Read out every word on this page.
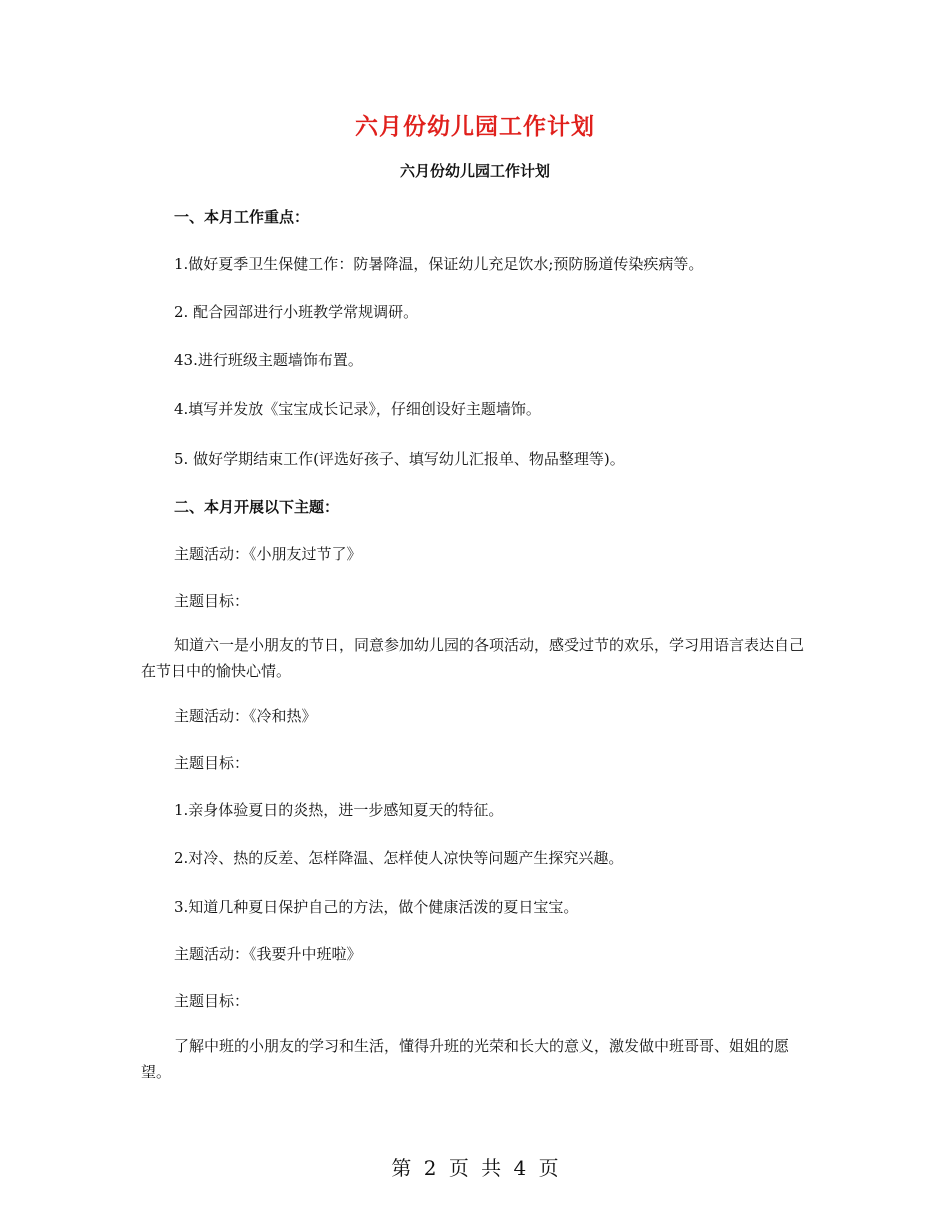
六月份幼儿园工作计划
六月份幼儿园工作计划
一、本月工作重点：
1.做好夏季卫生保健工作：防暑降温，保证幼儿充足饮水;预防肠道传染疾病等。
2. 配合园部进行小班教学常规调研。
43.进行班级主题墙饰布置。
4.填写并发放《宝宝成长记录》，仔细创设好主题墙饰。
5. 做好学期结束工作(评选好孩子、填写幼儿汇报单、物品整理等)。
二、本月开展以下主题：
主题活动：《小朋友过节了》
主题目标：
知道六一是小朋友的节日，同意参加幼儿园的各项活动，感受过节的欢乐，学习用语言表达自己在节日中的愉快心情。
主题活动：《冷和热》
主题目标：
1.亲身体验夏日的炎热，进一步感知夏天的特征。
2.对冷、热的反差、怎样降温、怎样使人凉快等问题产生探究兴趣。
3.知道几种夏日保护自己的方法，做个健康活泼的夏日宝宝。
主题活动：《我要升中班啦》
主题目标：
了解中班的小朋友的学习和生活，懂得升班的光荣和长大的意义，激发做中班哥哥、姐姐的愿望。
第 2 页 共 4 页
